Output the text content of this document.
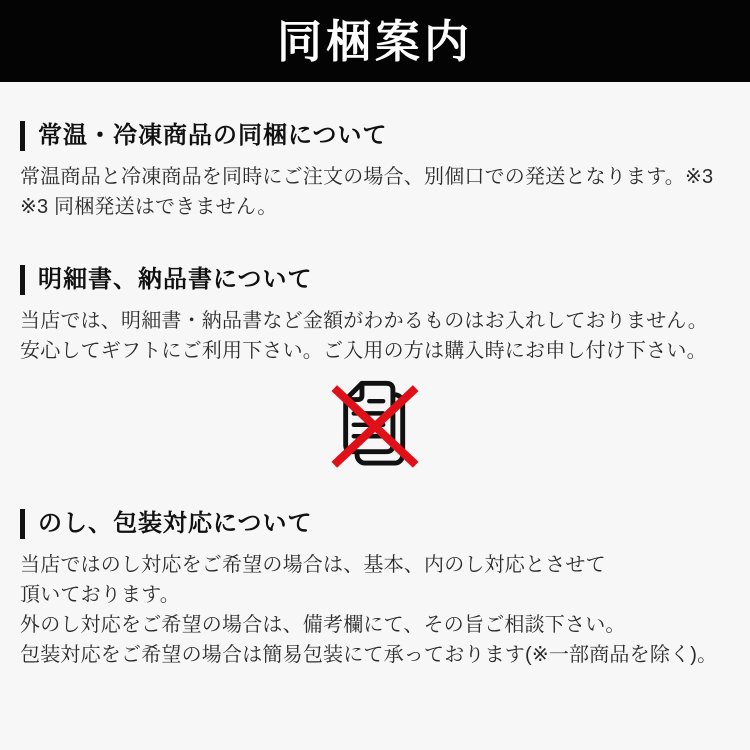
同梱案内
常温・冷凍商品の同梱について

常温商品と冷凍商品を同時にご注文の場合、別個口での発送となります。※3

※3 同梱発送はできません。

明細書、納品書について

当店では、明細書・納品書など金額がわかるものはお入れしておりません。

安心してギフトにご利用下さい。ご入用の方は購入時にお申し付け下さい。

のし、包装対応について

当店ではのし対応をご希望の場合は、基本、内のし対応とさせて

頂いております。

外のし対応をご希望の場合は、備考欄にて、その旨ご相談下さい。

包装対応をご希望の場合は簡易包装にて承っております(※一部商品を除く)。
